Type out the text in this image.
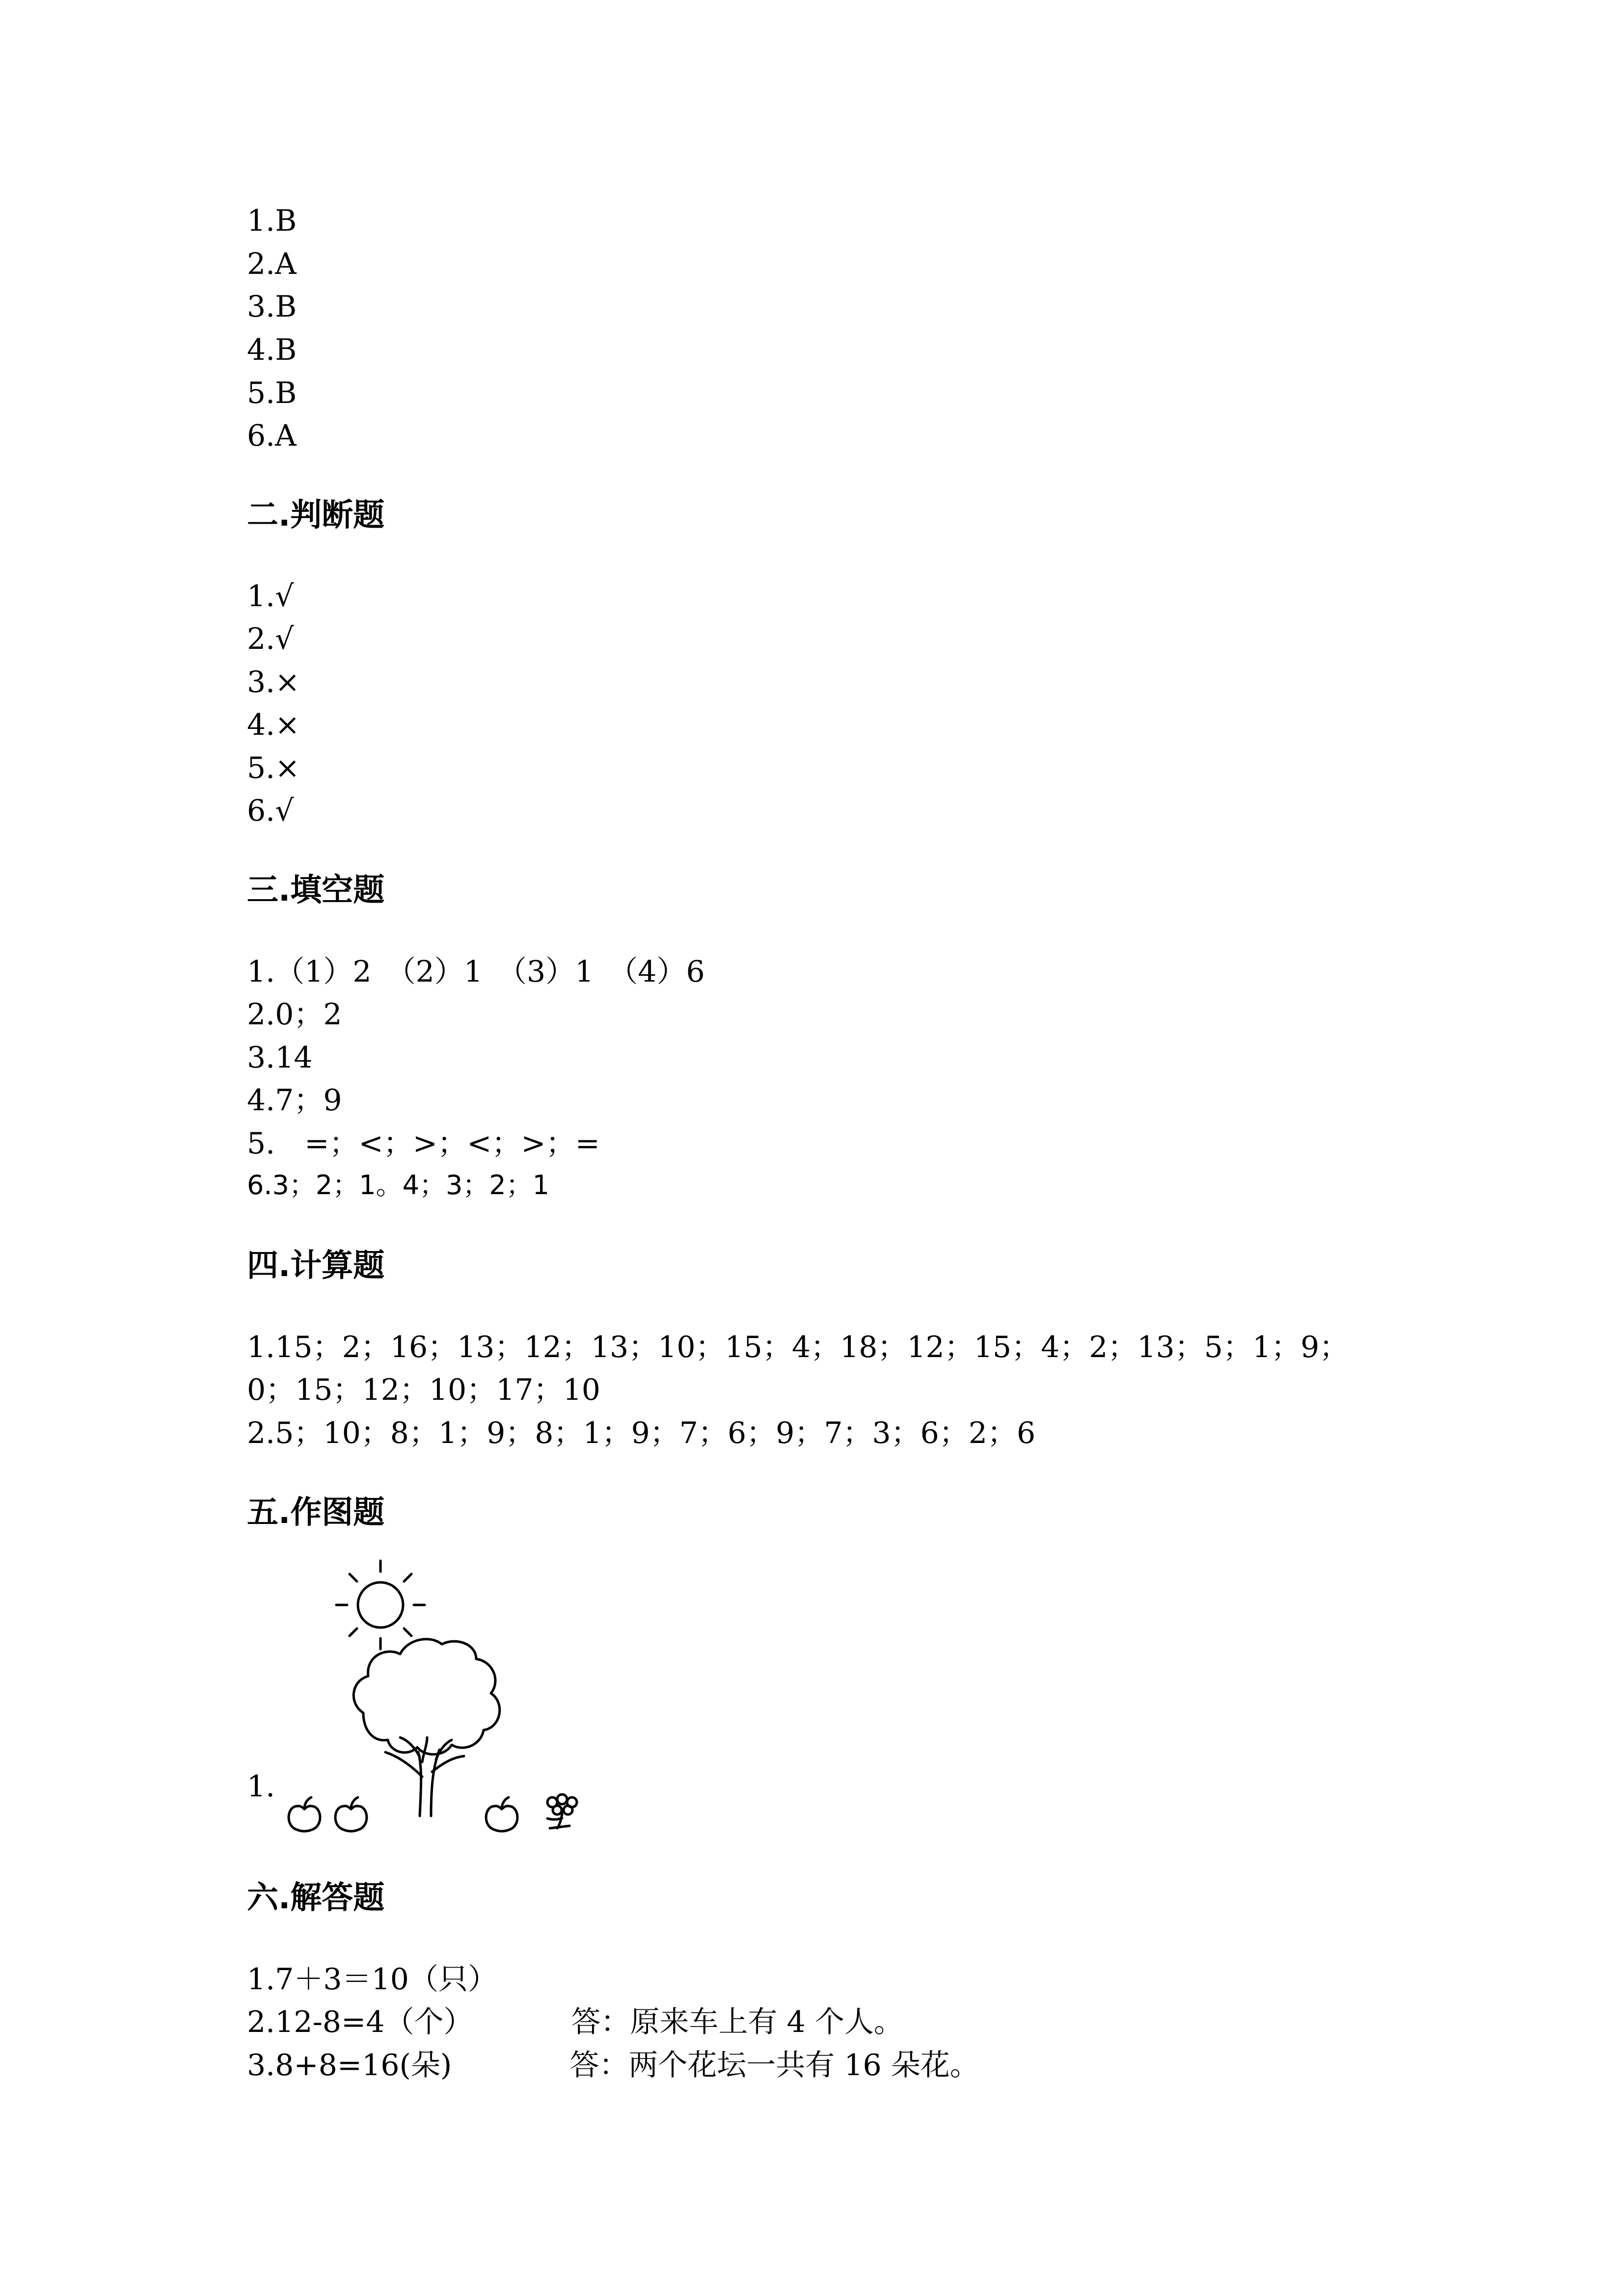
1.B
2.A
3.B
4.B
5.B
6.A
二.判断题
1.√
2.√
3.×
4.×
5.×
6.√
三.填空题
1.（1）2　（2）1　（3）1　（4）6
2.0；2
3.14
4.7；9
5.　=；<；>；<；>；=
6.3；2；1。4；3；2；1
四.计算题
1.15；2；16；13；12；13；10；15；4；18；12；15；4；2；13；5；1；9；
0；15；12；10；17；10
2.5；10；8；1；9；8；1；9；7；6；9；7；3；6；2；6
五.作图题
1.
六.解答题
1.7＋3＝10（只）
2.12-8=4（个）	答：原来车上有 4 个人。
3.8+8=16(朵)	答：两个花坛一共有 16 朵花。
